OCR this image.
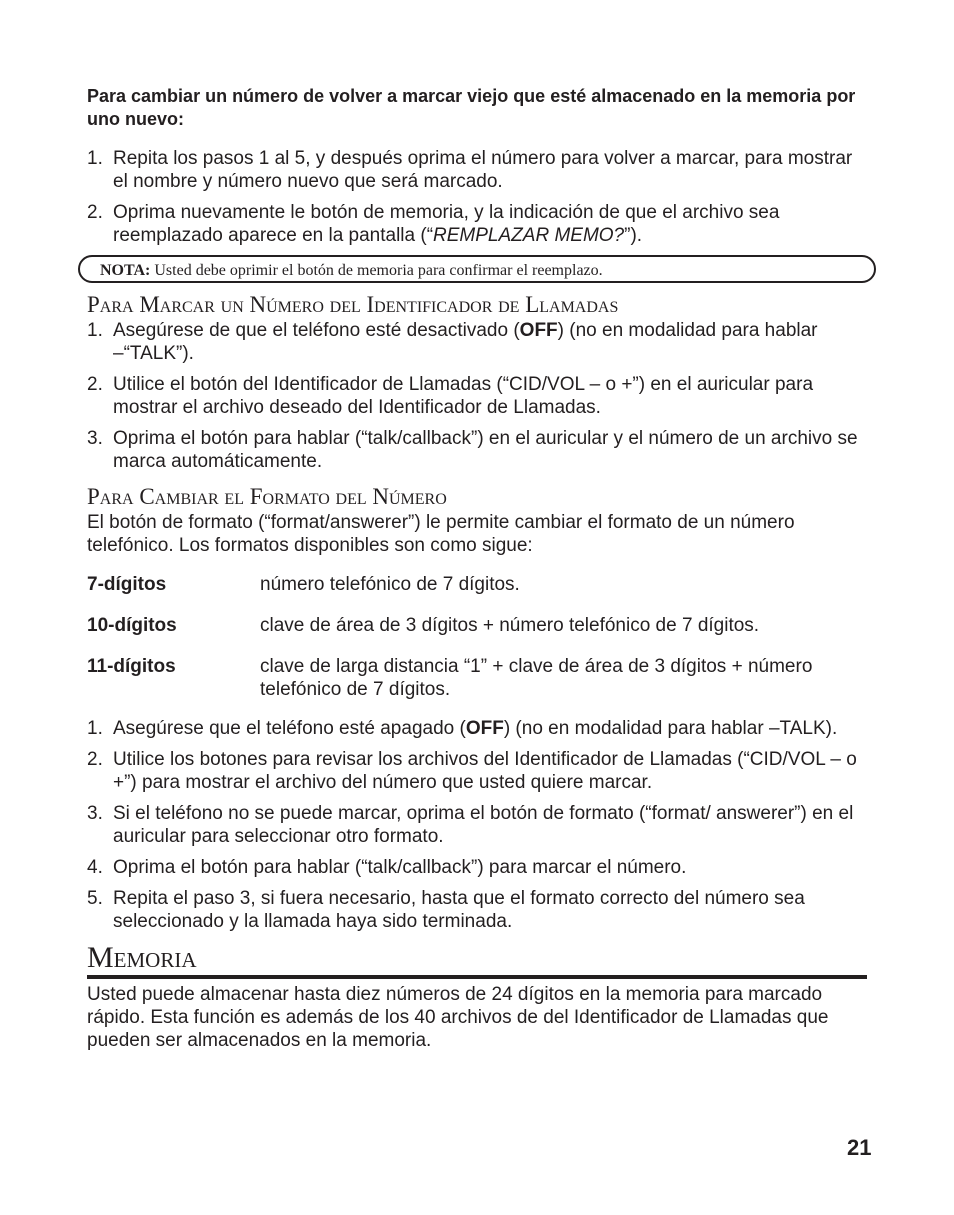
Para cambiar un número de volver a marcar viejo que esté almacenado en la memoria por uno nuevo:

1. Repita los pasos 1 al 5, y después oprima el número para volver a marcar, para mostrar el nombre y número nuevo que será marcado.
2. Oprima nuevamente le botón de memoria, y la indicación de que el archivo sea reemplazado aparece en la pantalla (“REMPLAZAR MEMO?”).
NOTA: Usted debe oprimir el botón de memoria para confirmar el reemplazo.
Para Marcar un Número del Identificador de Llamadas
1. Asegúrese de que el teléfono esté desactivado (OFF) (no en modalidad para hablar –“TALK”).
2. Utilice el botón del Identificador de Llamadas (“CID/VOL – o +”) en el auricular para mostrar el archivo deseado del Identificador de Llamadas.
3. Oprima el botón para hablar (“talk/callback”) en el auricular y el número de un archivo se marca automáticamente.
Para Cambiar el Formato del Número

El botón de formato (“format/answerer”) le permite cambiar el formato de un número telefónico. Los formatos disponibles son como sigue:

7-dígitos	número telefónico de 7 dígitos.
10-dígitos	clave de área de 3 dígitos + número telefónico de 7 dígitos.
11-dígitos	clave de larga distancia “1” + clave de área de 3 dígitos + número telefónico de 7 dígitos.
1. Asegúrese que el teléfono esté apagado (OFF) (no en modalidad para hablar –TALK).
2. Utilice los botones para revisar los archivos del Identificador de Llamadas (“CID/VOL – o +”) para mostrar el archivo del número que usted quiere marcar.
3. Si el teléfono no se puede marcar, oprima el botón de formato (“format/ answerer”) en el auricular para seleccionar otro formato.
4. Oprima el botón para hablar (“talk/callback”) para marcar el número.
5. Repita el paso 3, si fuera necesario, hasta que el formato correcto del número sea seleccionado y la llamada haya sido terminada.
Memoria

Usted puede almacenar hasta diez números de 24 dígitos en la memoria para marcado rápido. Esta función es además de los 40 archivos de del Identificador de Llamadas que pueden ser almacenados en la memoria.

21
